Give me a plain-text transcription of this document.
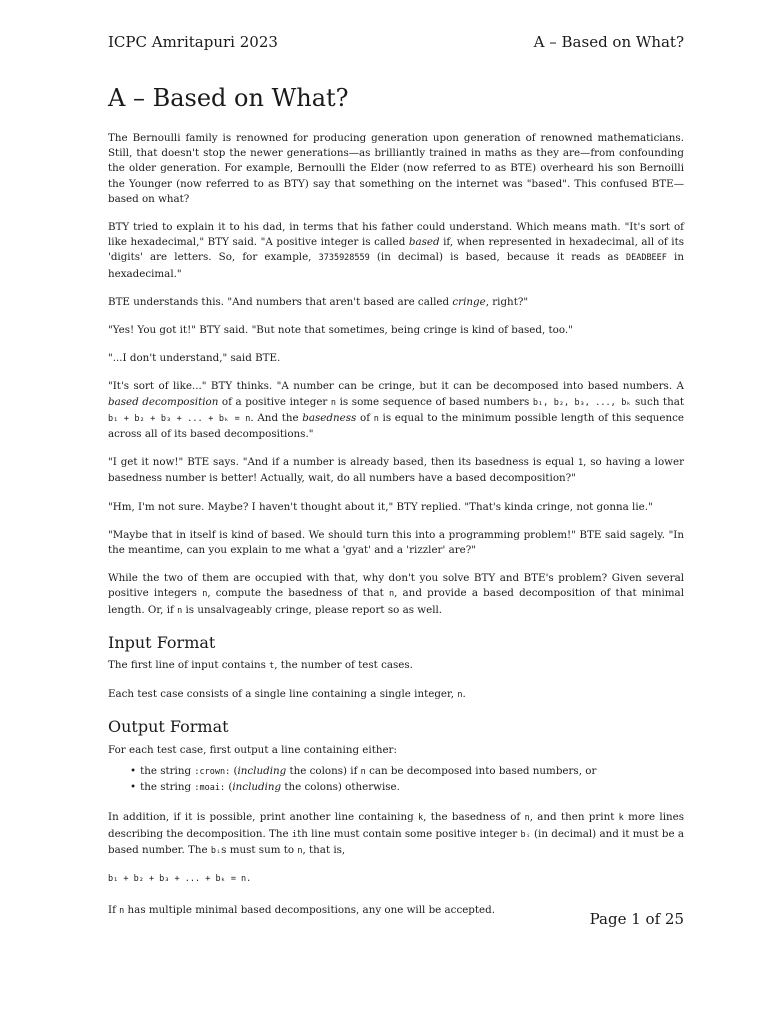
ICPC Amritapuri 2023	A – Based on What?
A – Based on What?

The Bernoulli family is renowned for producing generation upon generation of renowned mathematicians. Still, that doesn't stop the newer generations—as brilliantly trained in maths as they are—from confounding the older generation. For example, Bernoulli the Elder (now referred to as BTE) overheard his son Bernoilli the Younger (now referred to as BTY) say that something on the internet was "based". This confused BTE—based on what?

BTY tried to explain it to his dad, in terms that his father could understand. Which means math. "It's sort of like hexadecimal," BTY said. "A positive integer is called based if, when represented in hexadecimal, all of its 'digits' are letters. So, for example, 3735928559 (in decimal) is based, because it reads as DEADBEEF in hexadecimal."

BTE understands this. "And numbers that aren't based are called cringe, right?"

"Yes! You got it!" BTY said. "But note that sometimes, being cringe is kind of based, too."

"...I don't understand," said BTE.

"It's sort of like..." BTY thinks. "A number can be cringe, but it can be decomposed into based numbers. A based decomposition of a positive integer n is some sequence of based numbers b₁, b₂, b₃, ..., bₖ such that b₁ + b₂ + b₃ + ... + bₖ = n. And the basedness of n is equal to the minimum possible length of this sequence across all of its based decompositions."

"I get it now!" BTE says. "And if a number is already based, then its basedness is equal 1, so having a lower basedness number is better! Actually, wait, do all numbers have a based decomposition?"

"Hm, I'm not sure. Maybe? I haven't thought about it," BTY replied. "That's kinda cringe, not gonna lie."

"Maybe that in itself is kind of based. We should turn this into a programming problem!" BTE said sagely. "In the meantime, can you explain to me what a 'gyat' and a 'rizzler' are?"

While the two of them are occupied with that, why don't you solve BTY and BTE's problem? Given several positive integers n, compute the basedness of that n, and provide a based decomposition of that minimal length. Or, if n is unsalvageably cringe, please report so as well.

Input Format

The first line of input contains t, the number of test cases.

Each test case consists of a single line containing a single integer, n.

Output Format

For each test case, first output a line containing either:

• the string :crown: (including the colons) if n can be decomposed into based numbers, or
• the string :moai: (including the colons) otherwise.

In addition, if it is possible, print another line containing k, the basedness of n, and then print k more lines describing the decomposition. The ith line must contain some positive integer bᵢ (in decimal) and it must be a based number. The bᵢs must sum to n, that is,

b₁ + b₂ + b₃ + ... + bₖ = n.

If n has multiple minimal based decompositions, any one will be accepted.	Page 1 of 25
